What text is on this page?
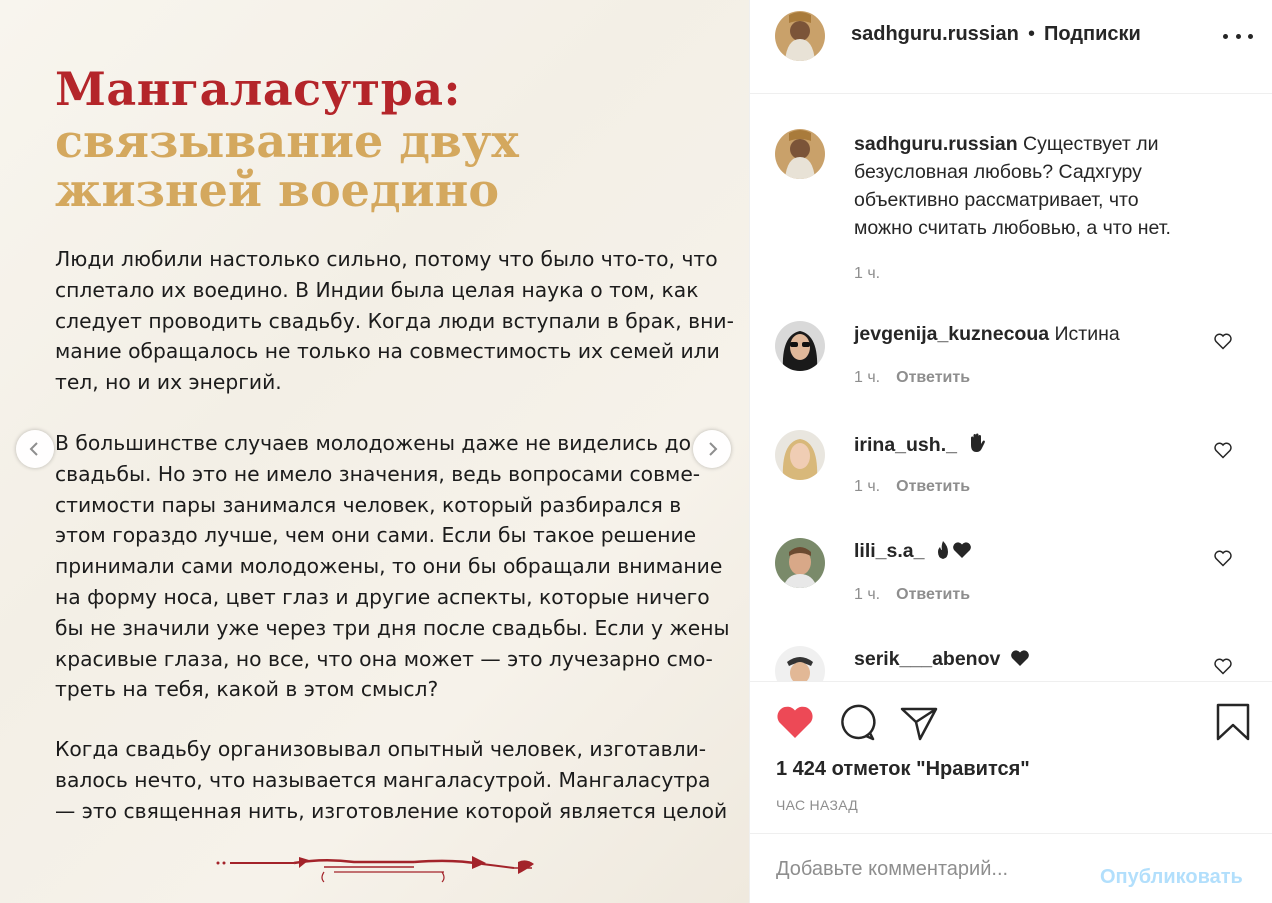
Мангаласутра:
связывание двух
жизней воедино
Люди любили настолько сильно, потому что было что-то, что
сплетало их воедино. В Индии была целая наука о том, как
следует проводить свадьбу. Когда люди вступали в брак, вни-
мание обращалось не только на совместимость их семей или
тел, но и их энергий.
В большинстве случаев молодожены даже не виделись до
свадьбы. Но это не имело значения, ведь вопросами совме-
стимости пары занимался человек, который разбирался в
этом гораздо лучше, чем они сами. Если бы такое решение
принимали сами молодожены, то они бы обращали внимание
на форму носа, цвет глаз и другие аспекты, которые ничего
бы не значили уже через три дня после свадьбы. Если у жены
красивые глаза, но все, что она может — это лучезарно смо-
треть на тебя, какой в этом смысл?
Когда свадьбу организовывал опытный человек, изготавли-
валось нечто, что называется мангаласутрой. Мангаласутра
— это священная нить, изготовление которой является целой
sadhguru.russian • Подписки
sadhguru.russian Существует ли
безусловная любовь? Садхгуру
объективно рассматривает, что
можно считать любовью, а что нет.
1 ч.
jevgenija_kuznecoua Истина
1 ч. Ответить
irina_ush._
1 ч. Ответить
lili_s.a_
1 ч. Ответить
serik___abenov
1 424 отметок "Нравится"
ЧАС НАЗАД
Добавьте комментарий...
Опубликовать
